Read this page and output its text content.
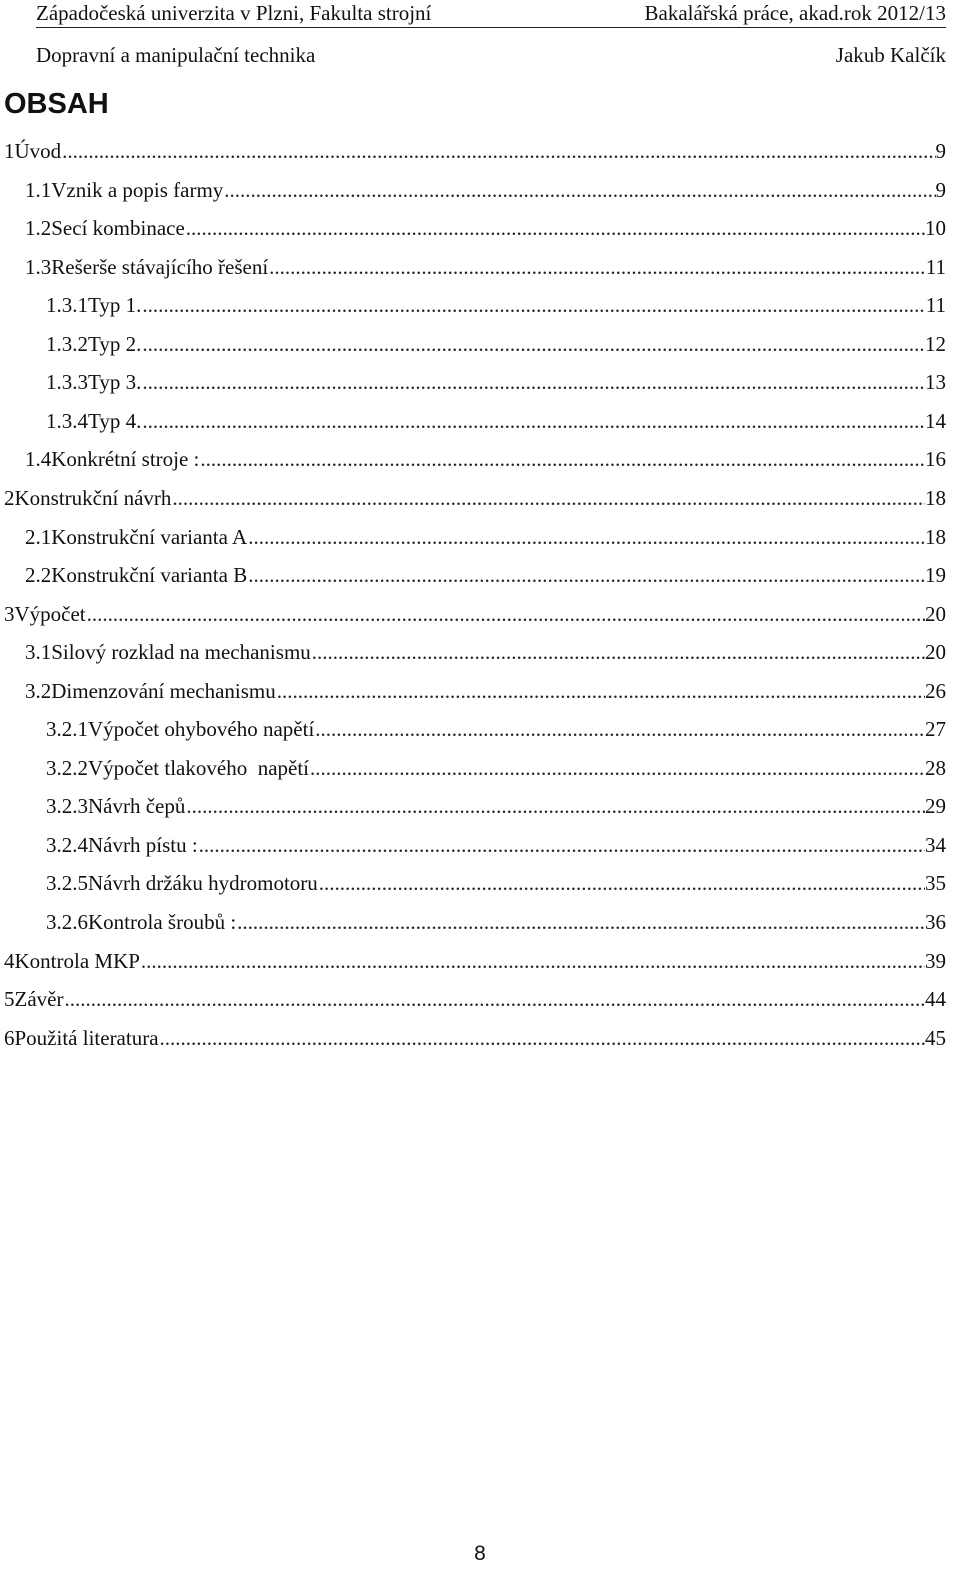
Západočeská univerzita v Plzni, Fakulta strojní	Bakalářská práce, akad.rok 2012/13
Dopravní a manipulační technika	Jakub Kalčík
OBSAH
1 Úvod .....	9
1.1 Vznik a popis farmy .....	9
1.2 Secí kombinace .....	10
1.3 Rešerše stávajícího řešení .....	11
1.3.1 Typ 1. .....	11
1.3.2 Typ 2. .....	12
1.3.3 Typ 3. .....	13
1.3.4 Typ 4. .....	14
1.4 Konkrétní stroje : .....	16
2 Konstrukční návrh .....	18
2.1 Konstrukční varianta A .....	18
2.2 Konstrukční varianta B .....	19
3 Výpočet .....	20
3.1 Silový rozklad na mechanismu .....	20
3.2 Dimenzování mechanismu .....	26
3.2.1 Výpočet ohybového napětí .....	27
3.2.2 Výpočet tlakového  napětí .....	28
3.2.3 Návrh čepů .....	29
3.2.4 Návrh pístu : .....	34
3.2.5 Návrh držáku hydromotoru .....	35
3.2.6 Kontrola šroubů : .....	36
4 Kontrola MKP .....	39
5 Závěr .....	44
6 Použitá literatura .....	45
8
